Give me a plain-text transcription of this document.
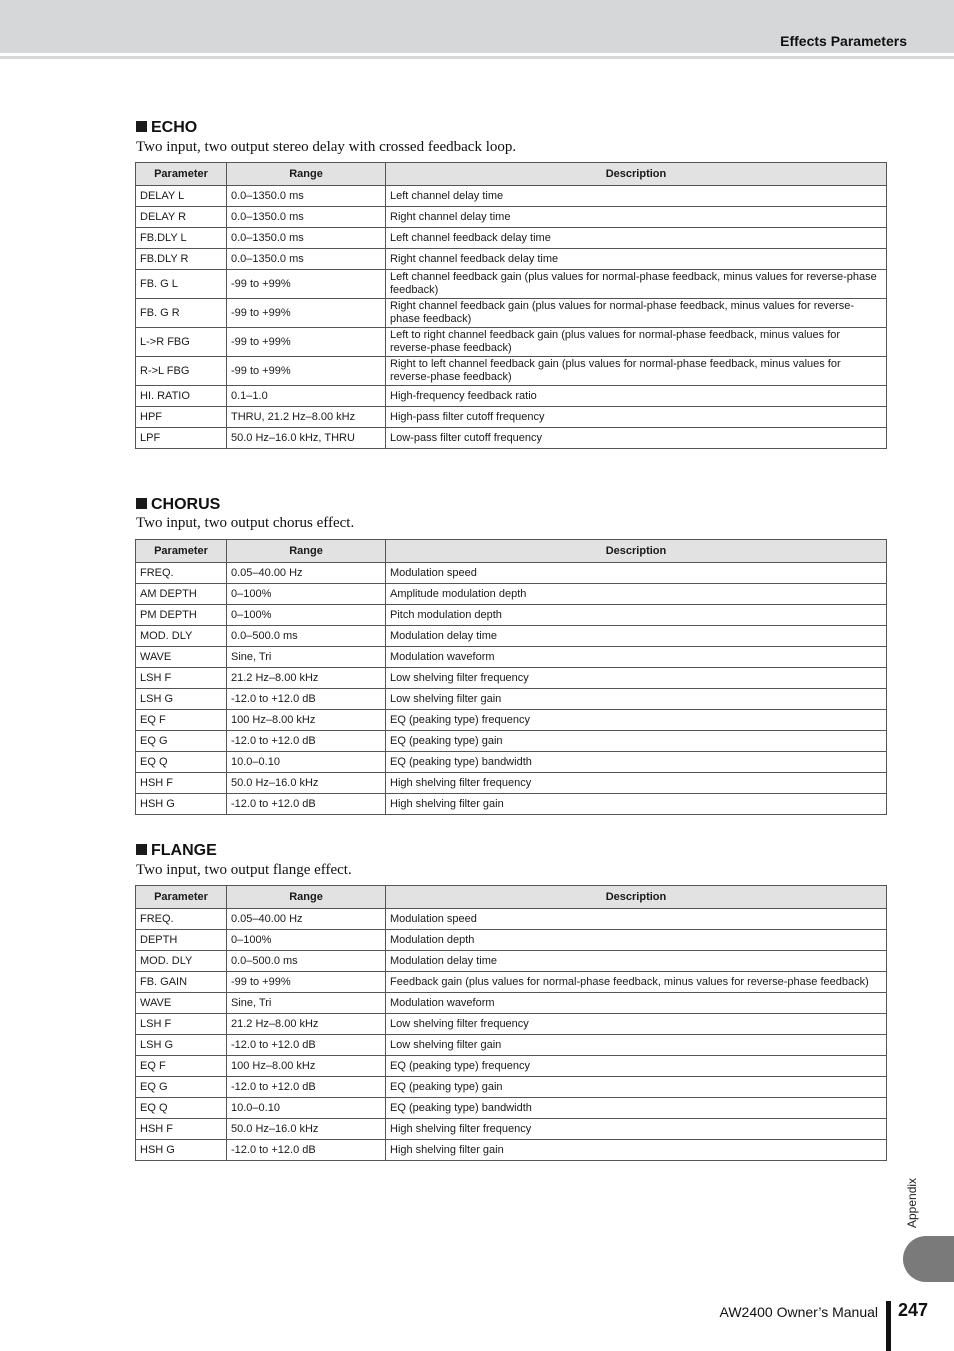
Effects Parameters
ECHO
Two input, two output stereo delay with crossed feedback loop.
Parameter	Range	Description
DELAY L	0.0–1350.0 ms	Left channel delay time
DELAY R	0.0–1350.0 ms	Right channel delay time
FB.DLY L	0.0–1350.0 ms	Left channel feedback delay time
FB.DLY R	0.0–1350.0 ms	Right channel feedback delay time
FB. G L	-99 to +99%	Left channel feedback gain (plus values for normal-phase feedback, minus values for reverse-phase feedback)
FB. G R	-99 to +99%	Right channel feedback gain (plus values for normal-phase feedback, minus values for reverse-phase feedback)
L->R FBG	-99 to +99%	Left to right channel feedback gain (plus values for normal-phase feedback, minus values for reverse-phase feedback)
R->L FBG	-99 to +99%	Right to left channel feedback gain (plus values for normal-phase feedback, minus values for reverse-phase feedback)
HI. RATIO	0.1–1.0	High-frequency feedback ratio
HPF	THRU, 21.2 Hz–8.00 kHz	High-pass filter cutoff frequency
LPF	50.0 Hz–16.0 kHz, THRU	Low-pass filter cutoff frequency
CHORUS
Two input, two output chorus effect.
Parameter	Range	Description
FREQ.	0.05–40.00 Hz	Modulation speed
AM DEPTH	0–100%	Amplitude modulation depth
PM DEPTH	0–100%	Pitch modulation depth
MOD. DLY	0.0–500.0 ms	Modulation delay time
WAVE	Sine, Tri	Modulation waveform
LSH F	21.2 Hz–8.00 kHz	Low shelving filter frequency
LSH G	-12.0 to +12.0 dB	Low shelving filter gain
EQ F	100 Hz–8.00 kHz	EQ (peaking type) frequency
EQ G	-12.0 to +12.0 dB	EQ (peaking type) gain
EQ Q	10.0–0.10	EQ (peaking type) bandwidth
HSH F	50.0 Hz–16.0 kHz	High shelving filter frequency
HSH G	-12.0 to +12.0 dB	High shelving filter gain
FLANGE
Two input, two output flange effect.
Parameter	Range	Description
FREQ.	0.05–40.00 Hz	Modulation speed
DEPTH	0–100%	Modulation depth
MOD. DLY	0.0–500.0 ms	Modulation delay time
FB. GAIN	-99 to +99%	Feedback gain (plus values for normal-phase feedback, minus values for reverse-phase feedback)
WAVE	Sine, Tri	Modulation waveform
LSH F	21.2 Hz–8.00 kHz	Low shelving filter frequency
LSH G	-12.0 to +12.0 dB	Low shelving filter gain
EQ F	100 Hz–8.00 kHz	EQ (peaking type) frequency
EQ G	-12.0 to +12.0 dB	EQ (peaking type) gain
EQ Q	10.0–0.10	EQ (peaking type) bandwidth
HSH F	50.0 Hz–16.0 kHz	High shelving filter frequency
HSH G	-12.0 to +12.0 dB	High shelving filter gain
Appendix
AW2400 Owner’s Manual 247
